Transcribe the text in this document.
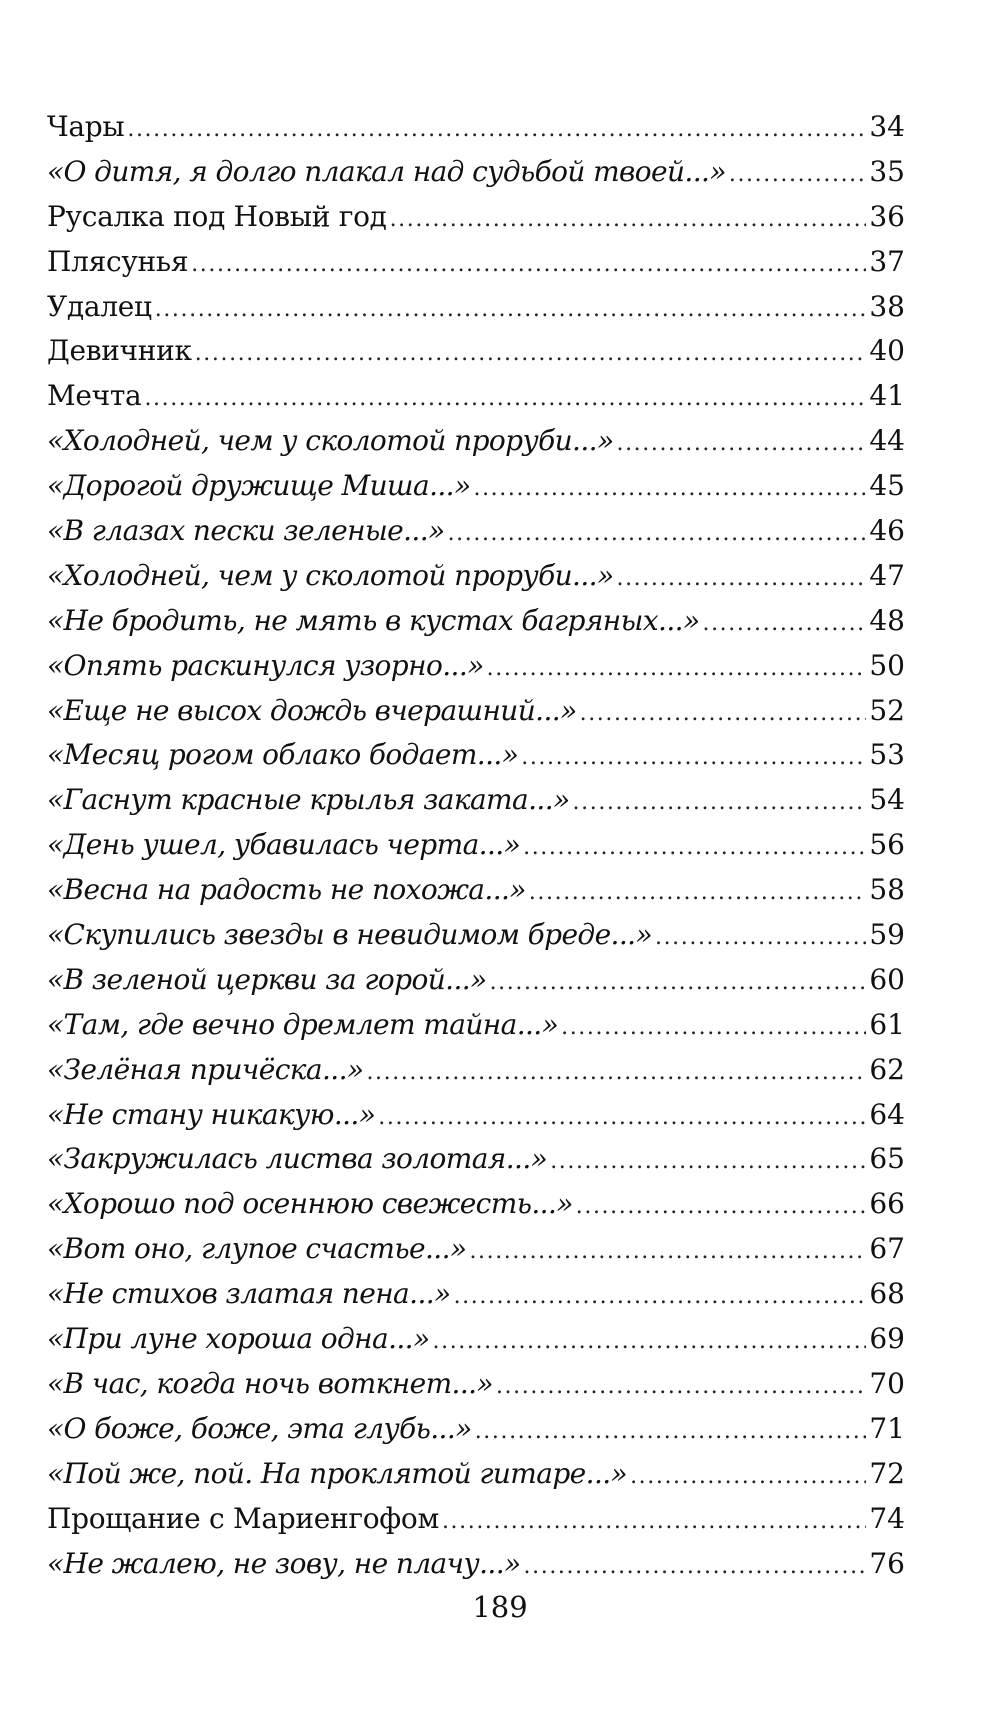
Чары .....	34
«О дитя, я долго плакал над судьбой твоей...» .....	35
Русалка под Новый год .....	36
Плясунья .....	37
Удалец .....	38
Девичник .....	40
Мечта .....	41
«Холодней, чем у сколотой проруби...» .....	44
«Дорогой дружище Миша...» .....	45
«В глазах пески зеленые...» .....	46
«Холодней, чем у сколотой проруби...» .....	47
«Не бродить, не мять в кустах багряных...» .....	48
«Опять раскинулся узорно...» .....	50
«Еще не высох дождь вчерашний...» .....	52
«Месяц рогом облако бодает...» .....	53
«Гаснут красные крылья заката...» .....	54
«День ушел, убавилась черта...» .....	56
«Весна на радость не похожа...» .....	58
«Скупились звезды в невидимом бреде...» .....	59
«В зеленой церкви за горой...» .....	60
«Там, где вечно дремлет тайна...» .....	61
«Зелёная причёска...» .....	62
«Не стану никакую...» .....	64
«Закружилась листва золотая...» .....	65
«Хорошо под осеннюю свежесть...» .....	66
«Вот оно, глупое счастье...» .....	67
«Не стихов златая пена...» .....	68
«При луне хороша одна...» .....	69
«В час, когда ночь воткнет...» .....	70
«О боже, боже, эта глубь...» .....	71
«Пой же, пой. На проклятой гитаре...» .....	72
Прощание с Мариенгофом .....	74
«Не жалею, не зову, не плачу...» .....	76
189
